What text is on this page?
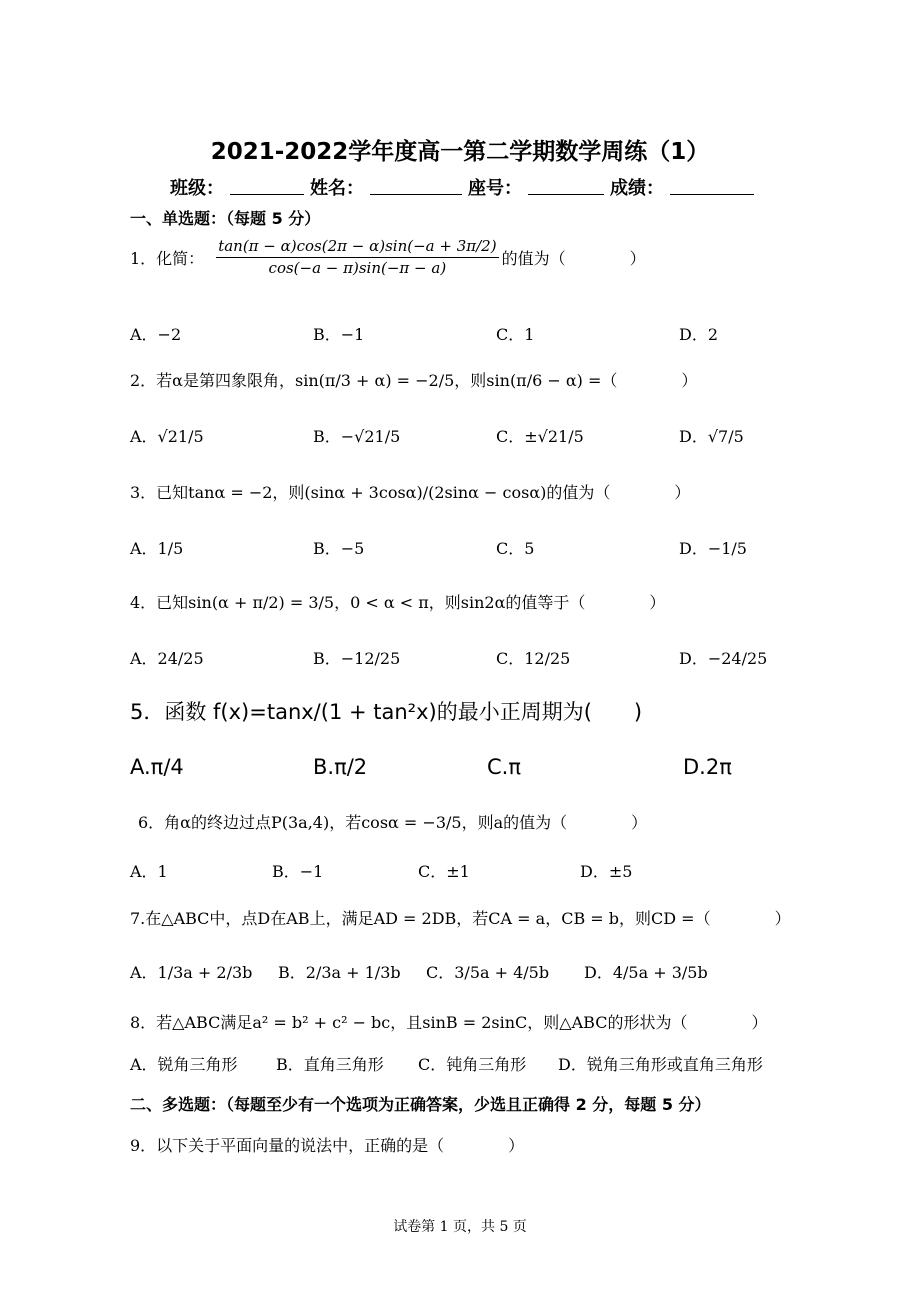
2021-2022学年度高一第二学期数学周练（1）
班级：	姓名：	座号：	成绩：
一、单选题：（每题 5 分）
1．化简： $\frac{\tan(\pi - \alpha)\cos(2\pi - \alpha)\sin(-a + 3\pi/2)}{\cos(-a - \pi)\sin(-\pi - a)}$ 的值为（　　　　）
A．−2	B．−1	C．1	D．2
2．若α是第四象限角，sin(π/3 + α) = −2/5，则sin(π/6 − α) =（　　　　）
A．√21/5	B．−√21/5	C．±√21/5	D．√7/5
3．已知tanα = −2，则(sinα + 3cosα)/(2sinα − cosα)的值为（　　　　）
A．1/5	B．−5	C．5	D．−1/5
4．已知sin(α + π/2) = 3/5，0 < α < π，则sin2α的值等于（　　　　）
A．24/25	B．−12/25	C．12/25	D．−24/25
5．函数 f(x)=tanx/(1 + tan²x)的最小正周期为(　　)
A.π/4	B.π/2	C.π	D.2π
6．角α的终边过点P(3a,4)，若cosα = −3/5，则a的值为（　　　　）
A．1	B．−1	C．±1	D．±5
7.在△ABC中，点D在AB上，满足AD = 2DB，若CA = a，CB = b，则CD =（　　　　）
A．1/3a + 2/3b B．2/3a + 1/3b C．3/5a + 4/5b D．4/5a + 3/5b
8．若△ABC满足a² = b² + c² − bc，且sinB = 2sinC，则△ABC的形状为（　　　　）
A．锐角三角形 B．直角三角形 C．钝角三角形 D．锐角三角形或直角三角形
二、多选题：（每题至少有一个选项为正确答案，少选且正确得 2 分，每题 5 分）
9．以下关于平面向量的说法中，正确的是（　　　　）
试卷第 1 页，共 5 页
